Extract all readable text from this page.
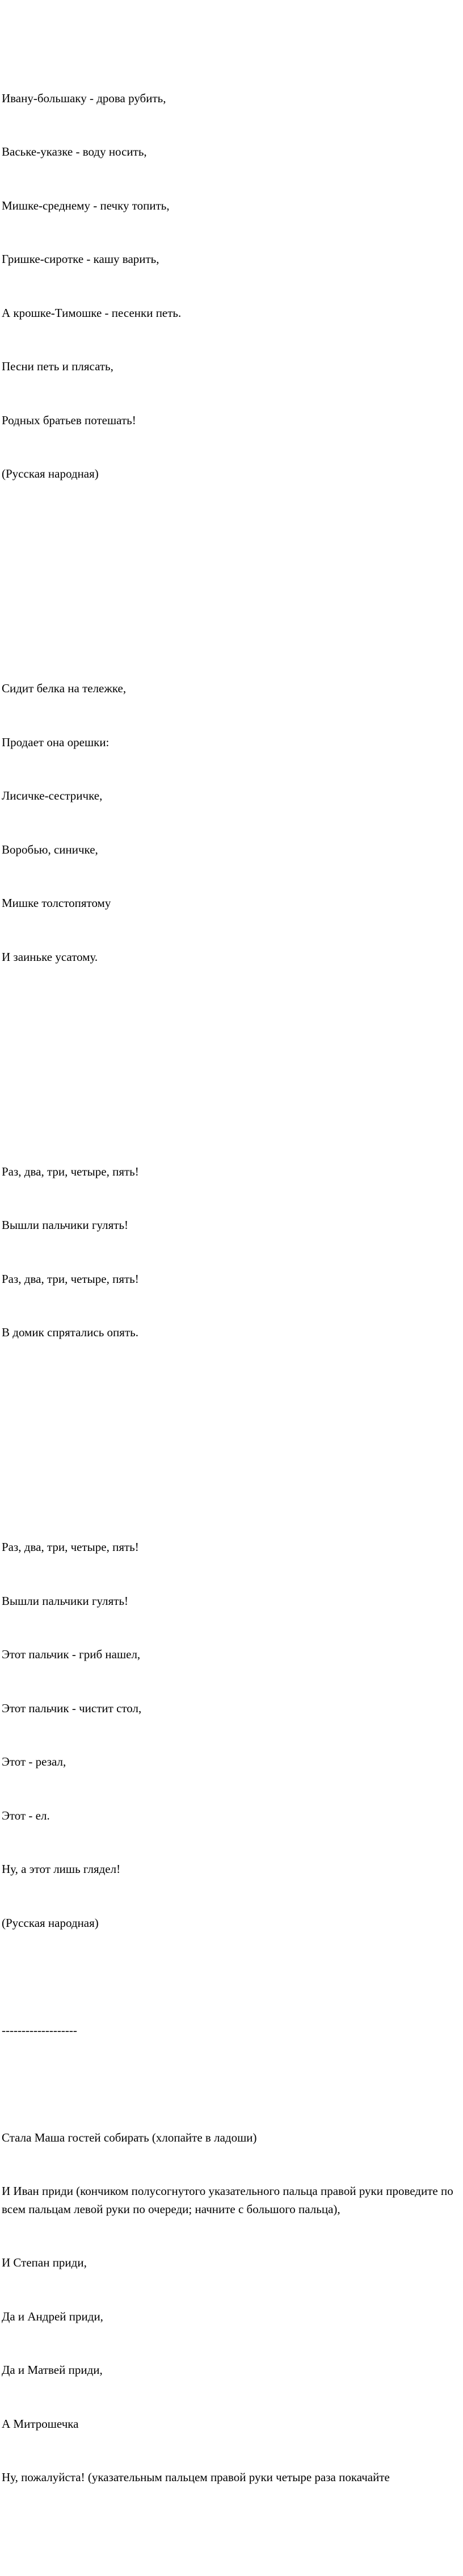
Ивану-большаку - дрова рубить,

Ваське-указке - воду носить,

Мишке-среднему - печку топить,

Гришке-сиротке - кашу варить,

А крошке-Тимошке - песенки петь.

Песни петь и плясать,

Родных братьев потешать!

(Русская народная)

Сидит белка на тележке,

Продает она орешки:

Лисичке-сестричке,

Воробью, синичке,

Мишке толстопятому

И заиньке усатому.

Раз, два, три, четыре, пять!

Вышли пальчики гулять!

Раз, два, три, четыре, пять!

В домик спрятались опять.

Раз, два, три, четыре, пять!

Вышли пальчики гулять!

Этот пальчик - гриб нашел,

Этот пальчик - чистит стол,

Этот - резал,

Этот - ел.

Ну, а этот лишь глядел!

(Русская народная)

-------------------

Стала Маша гостей собирать (хлопайте в ладоши)

И Иван приди (кончиком полусогнутого указательного пальца правой руки проведите по всем пальцам левой руки по очереди; начните с большого пальца),

И Степан приди,

Да и Андрей приди,

Да и Матвей приди,

А Митрошечка

Ну, пожалуйста! (указательным пальцем правой руки четыре раза покачайте
